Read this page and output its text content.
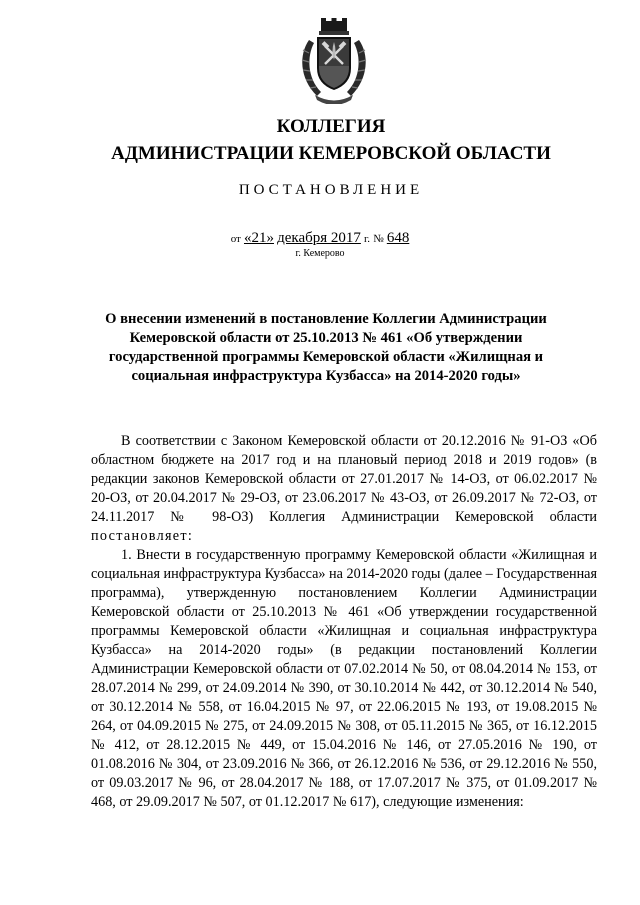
КОЛЛЕГИЯ
АДМИНИСТРАЦИИ КЕМЕРОВСКОЙ ОБЛАСТИ
ПОСТАНОВЛЕНИЕ
от «21» декабря 2017 г. № 648
г. Кемерово
О внесении изменений в постановление Коллегии Администрации Кемеровской области от 25.10.2013 № 461 «Об утверждении государственной программы Кемеровской области «Жилищная и социальная инфраструктура Кузбасса» на 2014-2020 годы»

В соответствии с Законом Кемеровской области от 20.12.2016 № 91-ОЗ «Об областном бюджете на 2017 год и на плановый период 2018 и 2019 годов» (в редакции законов Кемеровской области от 27.01.2017 № 14-ОЗ, от 06.02.2017 № 20-ОЗ, от 20.04.2017 № 29-ОЗ, от 23.06.2017 № 43-ОЗ, от 26.09.2017 № 72-ОЗ, от 24.11.2017 № 98-ОЗ) Коллегия Администрации Кемеровской области постановляет:

1. Внести в государственную программу Кемеровской области «Жилищная и социальная инфраструктура Кузбасса» на 2014-2020 годы (далее – Государственная программа), утвержденную постановлением Коллегии Администрации Кемеровской области от 25.10.2013 № 461 «Об утверждении государственной программы Кемеровской области «Жилищная и социальная инфраструктура Кузбасса» на 2014-2020 годы» (в редакции постановлений Коллегии Администрации Кемеровской области от 07.02.2014 № 50, от 08.04.2014 № 153, от 28.07.2014 № 299, от 24.09.2014 № 390, от 30.10.2014 № 442, от 30.12.2014 № 540, от 30.12.2014 № 558, от 16.04.2015 № 97, от 22.06.2015 № 193, от 19.08.2015 № 264, от 04.09.2015 № 275, от 24.09.2015 № 308, от 05.11.2015 № 365, от 16.12.2015 № 412, от 28.12.2015 № 449, от 15.04.2016 № 146, от 27.05.2016 № 190, от 01.08.2016 № 304, от 23.09.2016 № 366, от 26.12.2016 № 536, от 29.12.2016 № 550, от 09.03.2017 № 96, от 28.04.2017 № 188, от 17.07.2017 № 375, от 01.09.2017 № 468, от 29.09.2017 № 507, от 01.12.2017 № 617), следующие изменения:
